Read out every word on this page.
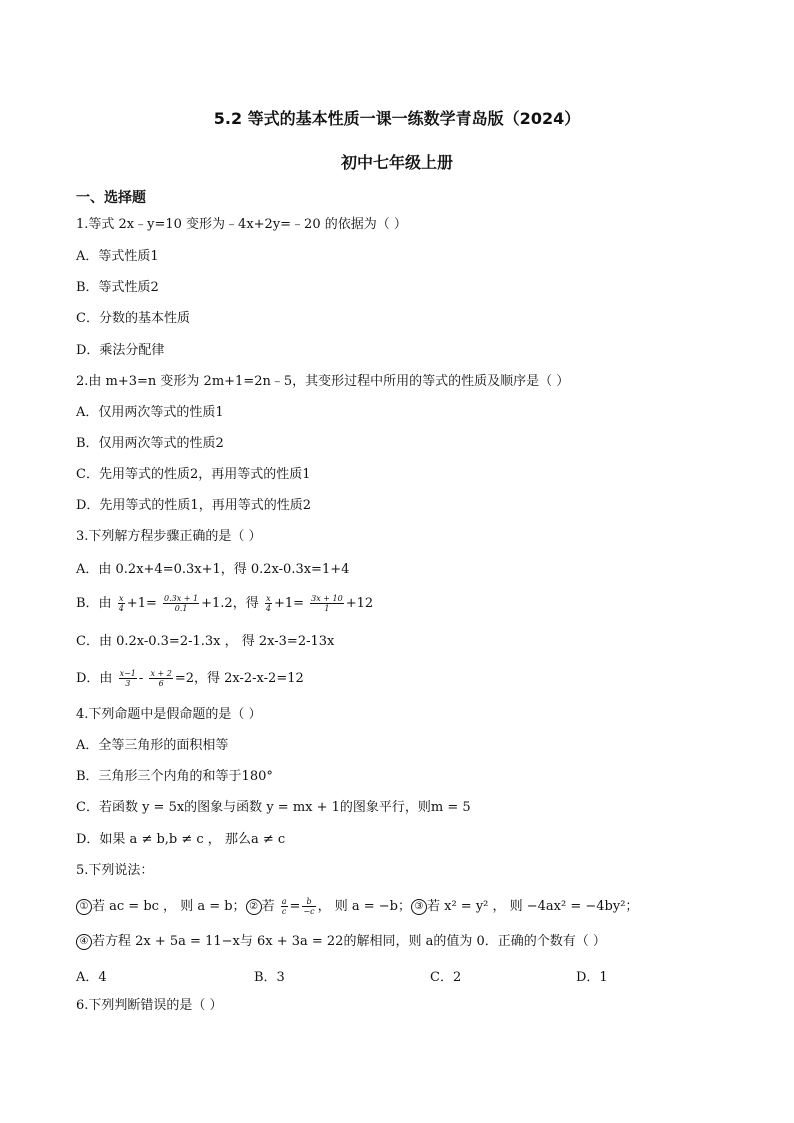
5.2 等式的基本性质一课一练数学青岛版（2024）
初中七年级上册
一、选择题
1.等式 2x﹣y=10 变形为﹣4x+2y=﹣20 的依据为（ ）
A．等式性质1
B．等式性质2
C．分数的基本性质
D．乘法分配律
2.由 m+3=n 变形为 2m+1=2n﹣5，其变形过程中所用的等式的性质及顺序是（ ）
A．仅用两次等式的性质1
B．仅用两次等式的性质2
C．先用等式的性质2，再用等式的性质1
D．先用等式的性质1，再用等式的性质2
3.下列解方程步骤正确的是（ ）
A．由 0.2x+4=0.3x+1，得 0.2x-0.3x=1+4
B．由 $\frac{x}{4} +1= \frac{0.3x + 1}{0.1} +1.2$，得 $\frac{x}{4} +1= \frac{3x + 10}{1} +12$
C．由 0.2x-0.3=2-1.3x ， 得 2x-3=2-13x
D．由 $\frac{x-1}{3} - \frac{x + 2}{6} =2$，得 2x-2-x-2=12
4.下列命题中是假命题的是（ ）
A．全等三角形的面积相等
B．三角形三个内角的和等于180°
C．若函数 y = 5x的图象与函数 y = mx + 1的图象平行，则m = 5
D．如果 a ≠ b,b ≠ c ， 那么a ≠ c
5.下列说法：
① 若 ac = bc ， 则 a = b； ② 若 $\frac{a}{c} = \frac{b}{-c}$ ， 则 a = −b； ③ 若 x² = y² ， 则 −4ax² = −4by²；
④ 若方程 2x + 5a = 11−x与 6x + 3a = 22的解相同，则 a的值为 0．正确的个数有（ ）
A．4	B．3	C．2	D．1
6.下列判断错误的是（ ）
